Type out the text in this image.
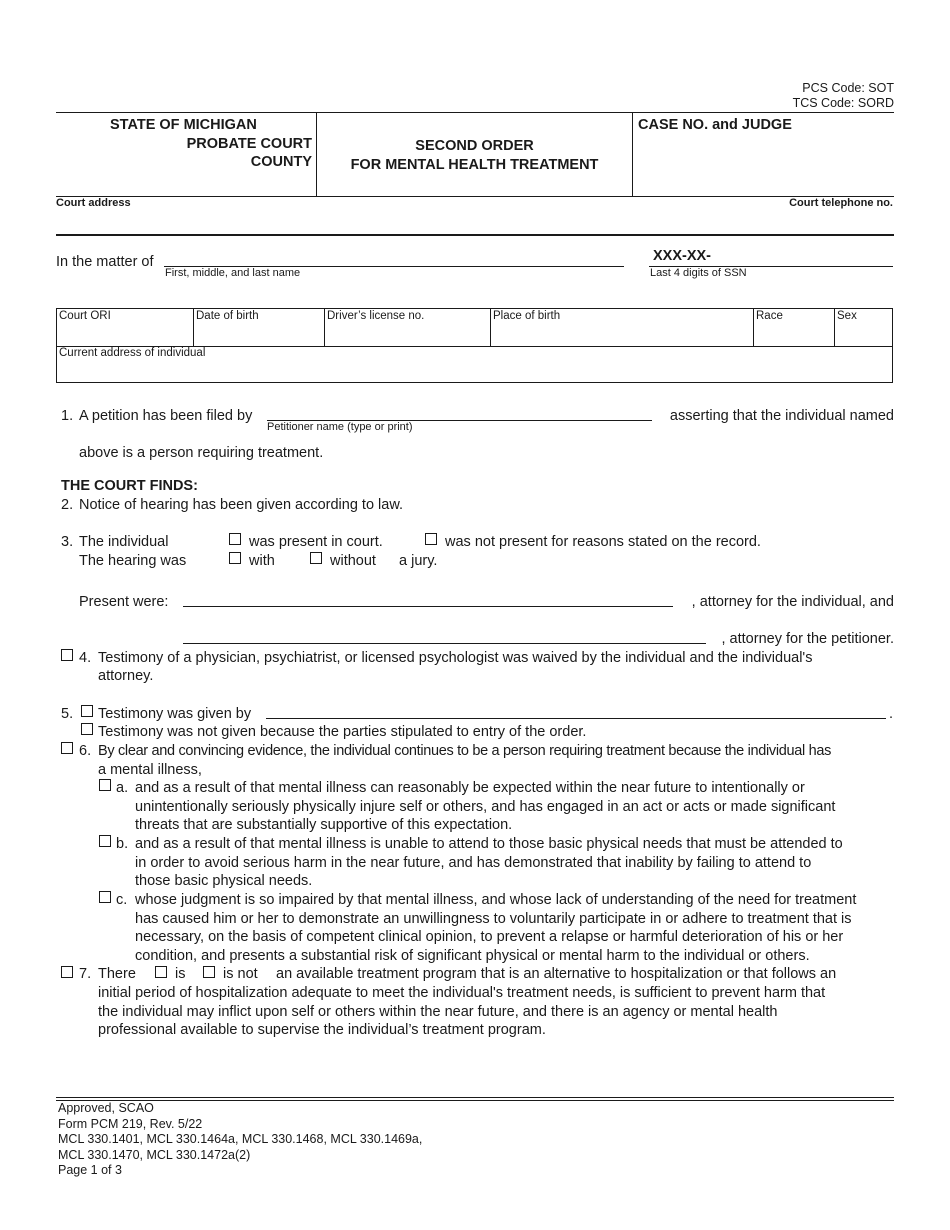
PCS Code: SOT
TCS Code: SORD
STATE OF MICHIGAN
PROBATE COURT
COUNTY
SECOND ORDER
FOR MENTAL HEALTH TREATMENT
CASE NO. and JUDGE
Court address	Court telephone no.
In the matter of
First, middle, and last name
XXX-XX-
Last 4 digits of SSN
Court ORI	Date of birth	Driver’s license no.	Place of birth	Race	Sex
Current address of individual
1. A petition has been filed by
Petitioner name (type or print)
asserting that the individual named
above is a person requiring treatment.
THE COURT FINDS:
2. Notice of hearing has been given according to law.
3. The individual	was present in court.	was not present for reasons stated on the record.
The hearing was	with	without a jury.
Present were:	, attorney for the individual, and
, attorney for the petitioner.
4. Testimony of a physician, psychiatrist, or licensed psychologist was waived by the individual and the individual's
attorney.
5. Testimony was given by	.
Testimony was not given because the parties stipulated to entry of the order.
6. By clear and convincing evidence, the individual continues to be a person requiring treatment because the individual has
a mental illness,
a. and as a result of that mental illness can reasonably be expected within the near future to intentionally or
unintentionally seriously physically injure self or others, and has engaged in an act or acts or made significant
threats that are substantially supportive of this expectation.
b. and as a result of that mental illness is unable to attend to those basic physical needs that must be attended to
in order to avoid serious harm in the near future, and has demonstrated that inability by failing to attend to
those basic physical needs.
c. whose judgment is so impaired by that mental illness, and whose lack of understanding of the need for treatment
has caused him or her to demonstrate an unwillingness to voluntarily participate in or adhere to treatment that is
necessary, on the basis of competent clinical opinion, to prevent a relapse or harmful deterioration of his or her
condition, and presents a substantial risk of significant physical or mental harm to the individual or others.
7. There	is	is not an available treatment program that is an alternative to hospitalization or that follows an
initial period of hospitalization adequate to meet the individual's treatment needs, is sufficient to prevent harm that
the individual may inflict upon self or others within the near future, and there is an agency or mental health
professional available to supervise the individual’s treatment program.
Approved, SCAO
Form PCM 219, Rev. 5/22
MCL 330.1401, MCL 330.1464a, MCL 330.1468, MCL 330.1469a,
MCL 330.1470, MCL 330.1472a(2)
Page 1 of 3
